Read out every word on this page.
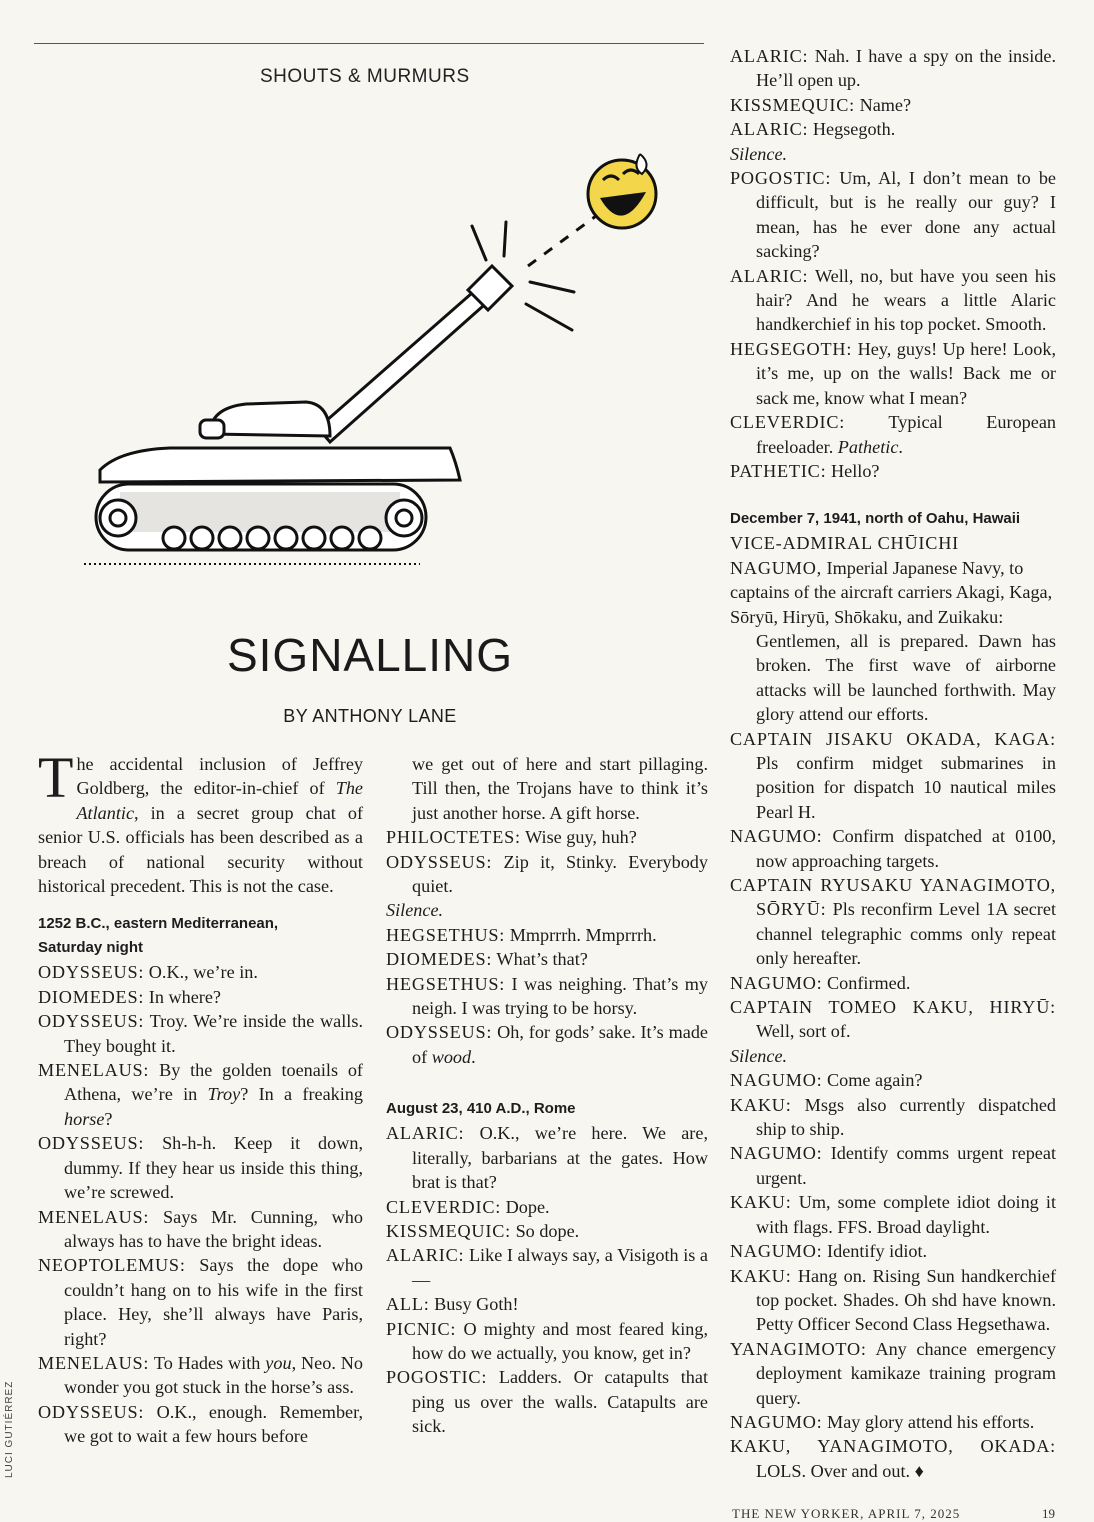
SHOUTS & MURMURS
SIGNALLING
BY ANTHONY LANE

The accidental inclusion of Jeffrey Goldberg, the editor-in-chief of The Atlantic, in a secret group chat of senior U.S. officials has been described as a breach of national security without historical precedent. This is not the case.

1252 B.C., eastern Mediterranean,
Saturday night

ODYSSEUS: O.K., we’re in.

DIOMEDES: In where?

ODYSSEUS: Troy. We’re inside the walls. They bought it.

MENELAUS: By the golden toenails of Athena, we’re in Troy? In a freaking horse?

ODYSSEUS: Sh-h-h. Keep it down, dummy. If they hear us inside this thing, we’re screwed.

MENELAUS: Says Mr. Cunning, who always has to have the bright ideas.

NEOPTOLEMUS: Says the dope who couldn’t hang on to his wife in the first place. Hey, she’ll always have Paris, right?

MENELAUS: To Hades with you, Neo. No wonder you got stuck in the horse’s ass.

ODYSSEUS: O.K., enough. Remember, we got to wait a few hours before

we get out of here and start pillaging. Till then, the Trojans have to think it’s just another horse. A gift horse.

PHILOCTETES: Wise guy, huh?

ODYSSEUS: Zip it, Stinky. Everybody quiet.

Silence.

HEGSETHUS: Mmprrrh. Mmprrrh.

DIOMEDES: What’s that?

HEGSETHUS: I was neighing. That’s my neigh. I was trying to be horsy.

ODYSSEUS: Oh, for gods’ sake. It’s made of wood.

August 23, 410 A.D., Rome

ALARIC: O.K., we’re here. We are, literally, barbarians at the gates. How brat is that?

CLEVERDIC: Dope.

KISSMEQUIC: So dope.

ALARIC: Like I always say, a Visigoth is a—

ALL: Busy Goth!

PICNIC: O mighty and most feared king, how do we actually, you know, get in?

POGOSTIC: Ladders. Or catapults that ping us over the walls. Catapults are sick.

ALARIC: Nah. I have a spy on the inside. He’ll open up.

KISSMEQUIC: Name?

ALARIC: Hegsegoth.

Silence.

POGOSTIC: Um, Al, I don’t mean to be difficult, but is he really our guy? I mean, has he ever done any actual sacking?

ALARIC: Well, no, but have you seen his hair? And he wears a little Alaric handkerchief in his top pocket. Smooth.

HEGSEGOTH: Hey, guys! Up here! Look, it’s me, up on the walls! Back me or sack me, know what I mean?

CLEVERDIC: Typical European freeloader. Pathetic.

PATHETIC: Hello?

December 7, 1941, north of Oahu, Hawaii

VICE-ADMIRAL CHŪICHI NAGUMO, Imperial Japanese Navy, to captains of the aircraft carriers Akagi, Kaga, Sōryū, Hiryū, Shōkaku, and Zuikaku:

Gentlemen, all is prepared. Dawn has broken. The first wave of airborne attacks will be launched forthwith. May glory attend our efforts.

CAPTAIN JISAKU OKADA, KAGA: Pls confirm midget submarines in position for dispatch 10 nautical miles Pearl H.

NAGUMO: Confirm dispatched at 0100, now approaching targets.

CAPTAIN RYUSAKU YANAGIMOTO, SŌRYŪ: Pls reconfirm Level 1A secret channel telegraphic comms only repeat only hereafter.

NAGUMO: Confirmed.

CAPTAIN TOMEO KAKU, HIRYŪ: Well, sort of.

Silence.

NAGUMO: Come again?

KAKU: Msgs also currently dispatched ship to ship.

NAGUMO: Identify comms urgent repeat urgent.

KAKU: Um, some complete idiot doing it with flags. FFS. Broad daylight.

NAGUMO: Identify idiot.

KAKU: Hang on. Rising Sun handkerchief top pocket. Shades. Oh shd have known. Petty Officer Second Class Hegsethawa.

YANAGIMOTO: Any chance emergency deployment kamikaze training program query.

NAGUMO: May glory attend his efforts.

KAKU, YANAGIMOTO, OKADA: LOLS. Over and out. ♦

THE NEW YORKER, APRIL 7, 2025	19
LUCI GUTIÉRREZ
